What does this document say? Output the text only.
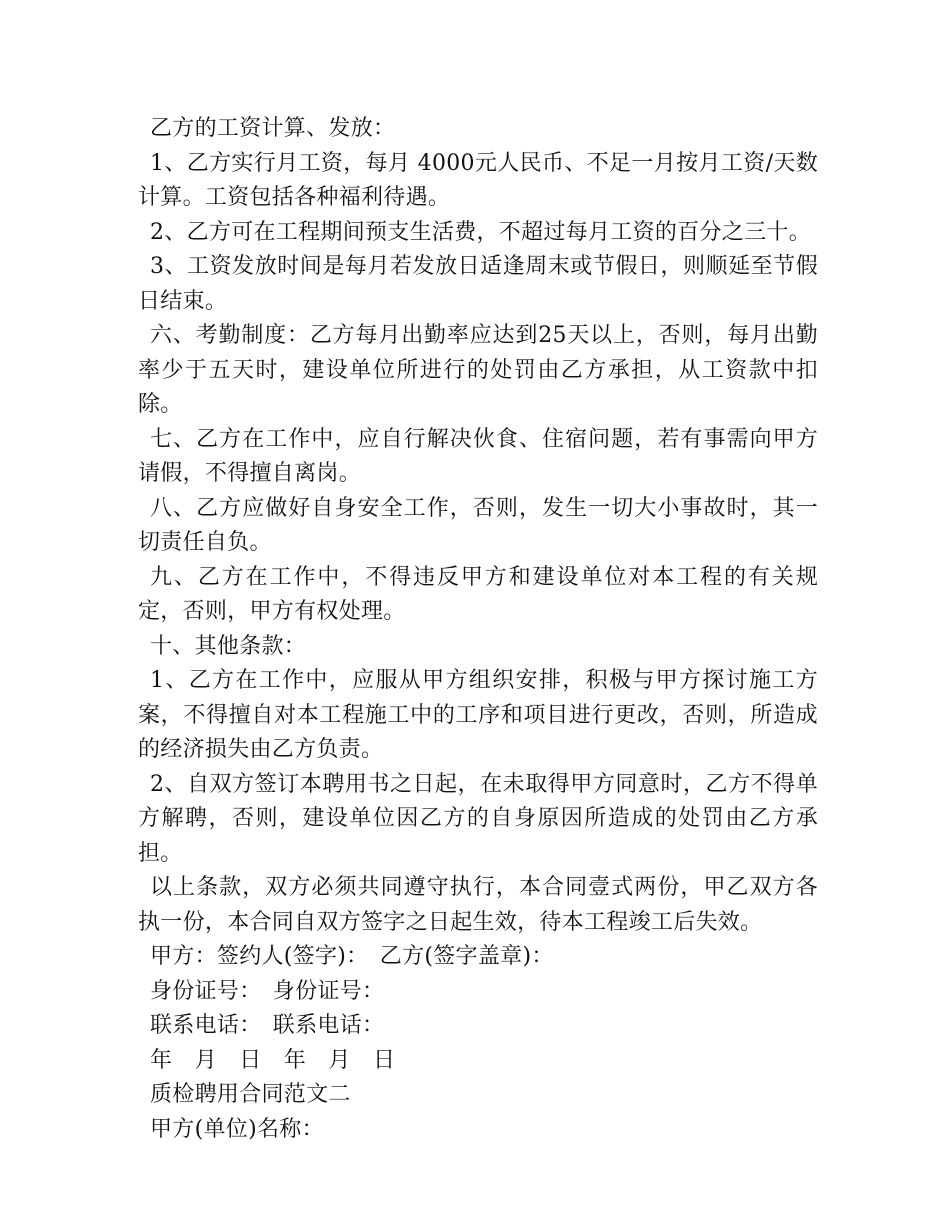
乙方的工资计算、发放：

1、乙方实行月工资，每月 4000元人民币、不足一月按月工资/天数计算。工资包括各种福利待遇。

2、乙方可在工程期间预支生活费，不超过每月工资的百分之三十。

3、工资发放时间是每月若发放日适逢周末或节假日，则顺延至节假日结束。

六、考勤制度：乙方每月出勤率应达到25天以上，否则，每月出勤率少于五天时，建设单位所进行的处罚由乙方承担，从工资款中扣除。

七、乙方在工作中，应自行解决伙食、住宿问题，若有事需向甲方请假，不得擅自离岗。

八、乙方应做好自身安全工作，否则，发生一切大小事故时，其一切责任自负。

九、乙方在工作中，不得违反甲方和建设单位对本工程的有关规定，否则，甲方有权处理。

十、其他条款：

1、乙方在工作中，应服从甲方组织安排，积极与甲方探讨施工方案，不得擅自对本工程施工中的工序和项目进行更改，否则，所造成的经济损失由乙方负责。

2、自双方签订本聘用书之日起，在未取得甲方同意时，乙方不得单方解聘，否则，建设单位因乙方的自身原因所造成的处罚由乙方承担。

以上条款，双方必须共同遵守执行，本合同壹式两份，甲乙双方各执一份，本合同自双方签字之日起生效，待本工程竣工后失效。

甲方：签约人(签字)：　乙方(签字盖章)：

身份证号：　身份证号：

联系电话：　联系电话：

年　月　日　年　月　日

质检聘用合同范文二

甲方(单位)名称：
